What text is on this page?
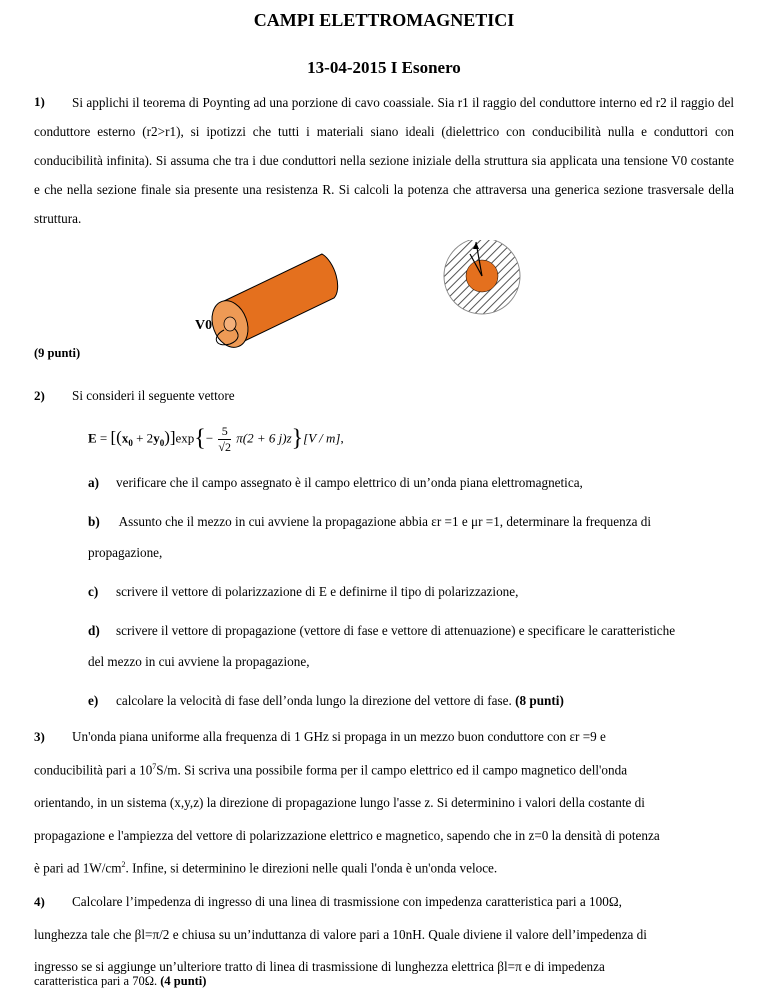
CAMPI ELETTROMAGNETICI
13-04-2015 I Esonero
1)	Si applichi il teorema di Poynting ad una porzione di cavo coassiale. Sia r1 il raggio del conduttore interno ed r2 il raggio del conduttore esterno (r2>r1), si ipotizzi che tutti i materiali siano ideali (dielettrico con conducibilità nulla e conduttori con conducibilità infinita). Si assuma che tra i due conduttori nella sezione iniziale della struttura sia applicata una tensione V0 costante e che nella sezione finale sia presente una resistenza R. Si calcoli la potenza che attraversa una generica sezione trasversale della struttura.

V0
(9 punti)
2) Si consideri il seguente vettore
$E = [(x_0 + 2y_0)]\exp\{- \frac{5}{√2} \pi(2 + 6$ j)z}[V / m],
a) verificare che il campo assegnato è il campo elettrico di un’onda piana elettromagnetica,
b) Assunto che il mezzo in cui avviene la propagazione abbia εr =1 e μr =1, determinare la frequenza di
propagazione,
c) scrivere il vettore di polarizzazione di E e definirne il tipo di polarizzazione,
d) scrivere il vettore di propagazione (vettore di fase e vettore di attenuazione) e specificare le caratteristiche
del mezzo in cui avviene la propagazione,
e) calcolare la velocità di fase dell’onda lungo la direzione del vettore di fase. (8 punti)
3) Un'onda piana uniforme alla frequenza di 1 GHz si propaga in un mezzo buon conduttore con εr =9 e
conducibilità pari a $10^7S/m$. Si scriva una possibile forma per il campo elettrico ed il campo magnetico dell'onda
orientando, in un sistema (x,y,z) la direzione di propagazione lungo l'asse z. Si determinino i valori della costante di
propagazione e l'ampiezza del vettore di polarizzazione elettrico e magnetico, sapendo che in z=0 la densità di potenza
è pari ad $1W/cm^2$. Infine, si determinino le direzioni nelle quali l'onda è un'onda veloce.
4) Calcolare l’impedenza di ingresso di una linea di trasmissione con impedenza caratteristica pari a 100Ω,
lunghezza tale che βl=π/2 e chiusa su un’induttanza di valore pari a 10nH. Quale diviene il valore dell’impedenza di
ingresso se si aggiunge un’ulteriore tratto di linea di trasmissione di lunghezza elettrica βl=π e di impedenza
caratteristica pari a 70Ω. (4 punti)
